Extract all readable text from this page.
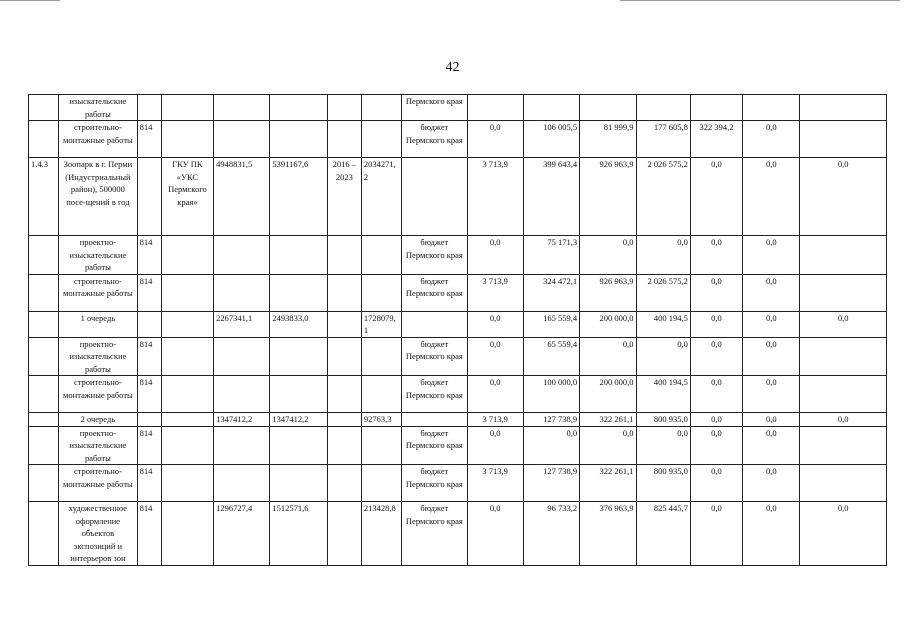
42
	изыскательские работы							Пермского края							
	строительно-монтажные работы	814						бюджет Пермского края	0,0	106 005,5	81 999,9	177 605,8	322 394,2	0,0	
1.4.3	Зоопарк в г. Перми (Индустриальный район), 500000 посе-щений в год		ГКУ ПК «УКС Пермского края»	4948831,5	5391167,6	2016 – 2023	2034271, 2		3 713,9	399 643,4	926 963,9	2 026 575,2	0,0	0,0	0,0
	проектно-изыскательские работы	814						бюджет Пермского края	0,0	75 171,3	0,0	0,0	0,0	0,0	
	строительно-монтажные работы	814						бюджет Пермского края	3 713,9	324 472,1	926 963,9	2 026 575,2	0,0	0,0	
	1 очередь			2267341,1	2493833,0		1728079, 1		0,0	165 559,4	200 000,0	400 194,5	0,0	0,0	0,0
	проектно-изыскательские работы	814						бюджет Пермского края	0,0	65 559,4	0,0	0,0	0,0	0,0	
	строительно-монтажные работы	814						бюджет Пермского края	0,0	100 000,0	200 000,0	400 194,5	0,0	0,0	
	2 очередь			1347412,2	1347412,2		92763,3		3 713,9	127 738,9	322 261,1	800 935,0	0,0	0,0	0,0
	проектно-изыскательские работы	814						бюджет Пермского края	0,0	0,0	0,0	0,0	0,0	0,0	
	строительно-монтажные работы	814						бюджет Пермского края	3 713,9	127 738,9	322 261,1	800 935,0	0,0	0,0	
	художественное оформление объектов экспозиций и интерьеров зон	814		1296727,4	1512571,6		213428,8	бюджет Пермского края	0,0	96 733,2	376 963,9	825 445,7	0,0	0,0	0,0
